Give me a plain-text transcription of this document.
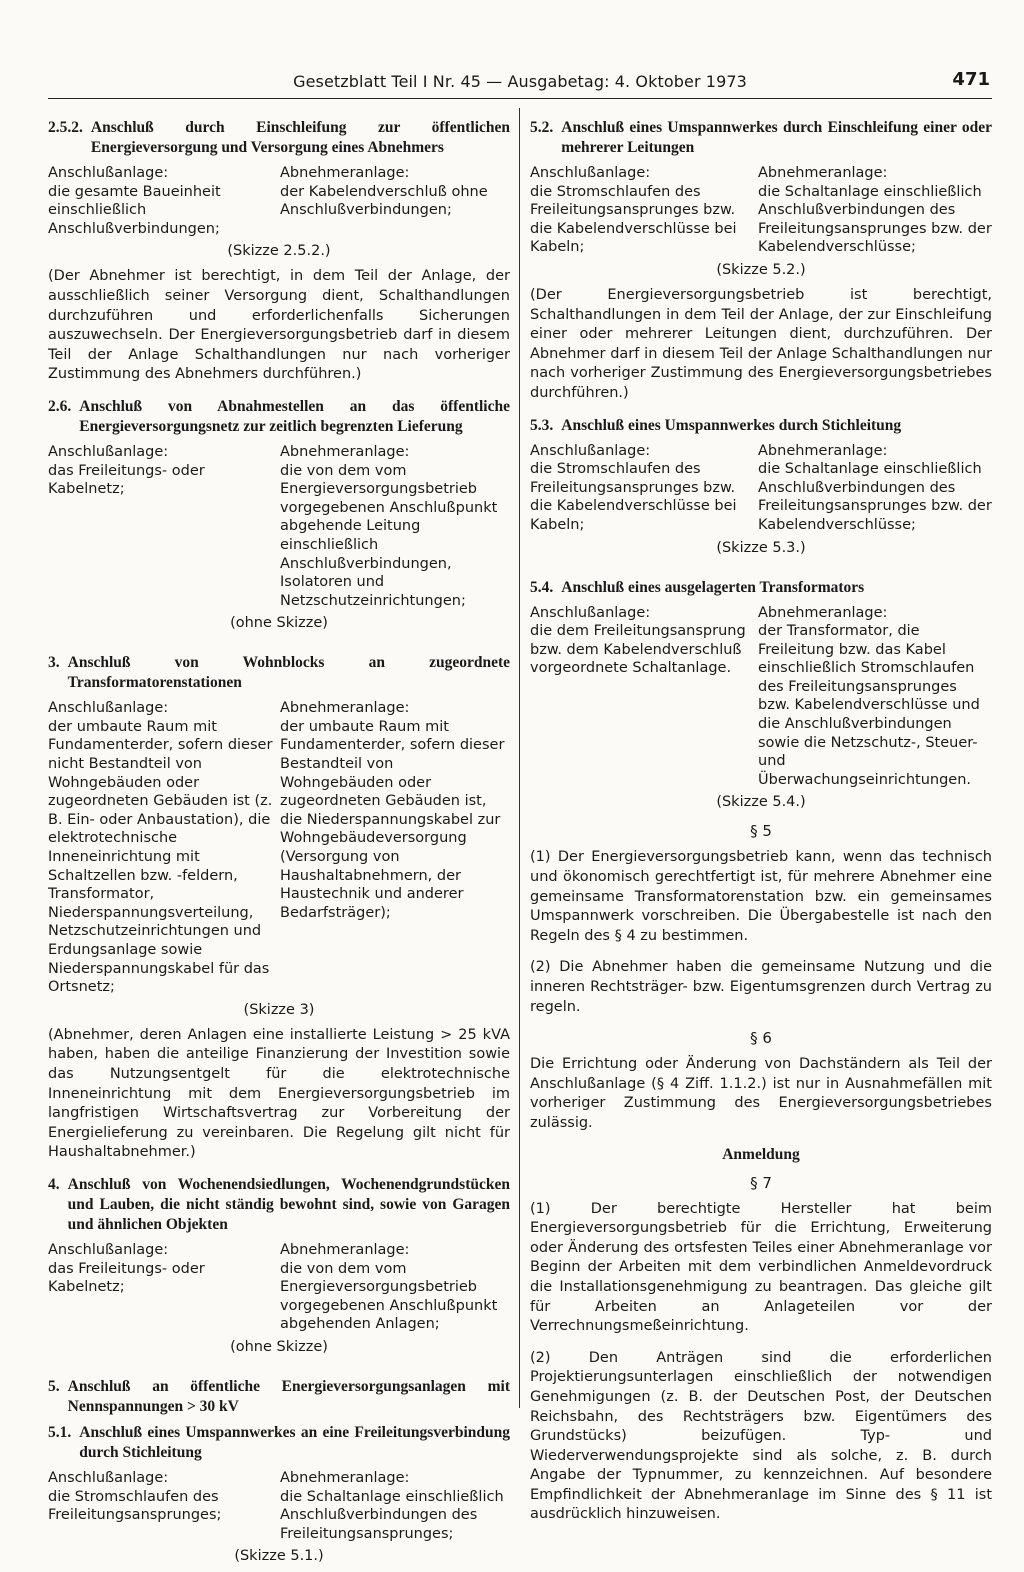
Gesetzblatt Teil I Nr. 45 — Ausgabetag: 4. Oktober 1973	471
2.5.2. Anschluß durch Einschleifung zur öffentlichen Energieversorgung und Versorgung eines Abnehmers
Anschlußanlage:
die gesamte Baueinheit einschließlich Anschlußverbindungen;
Abnehmeranlage:
der Kabelendverschluß ohne Anschlußverbindungen;
(Skizze 2.5.2.)
(Der Abnehmer ist berechtigt, in dem Teil der Anlage, der ausschließlich seiner Versorgung dient, Schalthandlungen durchzuführen und erforderlichenfalls Sicherungen auszuwechseln. Der Energieversorgungsbetrieb darf in diesem Teil der Anlage Schalthandlungen nur nach vorheriger Zustimmung des Abnehmers durchführen.)
2.6. Anschluß von Abnahmestellen an das öffentliche Energieversorgungsnetz zur zeitlich begrenzten Lieferung
Anschlußanlage:
das Freileitungs- oder Kabelnetz;
Abnehmeranlage:
die von dem vom Energieversorgungsbetrieb vorgegebenen Anschlußpunkt abgehende Leitung einschließlich Anschlußverbindungen, Isolatoren und Netzschutzeinrichtungen;
(ohne Skizze)
3. Anschluß von Wohnblocks an zugeordnete Transformatorenstationen
Anschlußanlage:
der umbaute Raum mit Fundamenterder, sofern dieser nicht Bestandteil von Wohngebäuden oder zugeordneten Gebäuden ist (z. B. Ein- oder Anbaustation), die elektrotechnische Inneneinrichtung mit Schaltzellen bzw. -feldern, Transformator, Niederspannungsverteilung, Netzschutzeinrichtungen und Erdungsanlage sowie Niederspannungskabel für das Ortsnetz;
Abnehmeranlage:
der umbaute Raum mit Fundamenterder, sofern dieser Bestandteil von Wohngebäuden oder zugeordneten Gebäuden ist, die Niederspannungskabel zur Wohngebäudeversorgung (Versorgung von Haushaltabnehmern, der Haustechnik und anderer Bedarfsträger);
(Skizze 3)
(Abnehmer, deren Anlagen eine installierte Leistung > 25 kVA haben, haben die anteilige Finanzierung der Investition sowie das Nutzungsentgelt für die elektrotechnische Inneneinrichtung mit dem Energieversorgungsbetrieb im langfristigen Wirtschaftsvertrag zur Vorbereitung der Energielieferung zu vereinbaren. Die Regelung gilt nicht für Haushaltabnehmer.)
4. Anschluß von Wochenendsiedlungen, Wochenendgrundstücken und Lauben, die nicht ständig bewohnt sind, sowie von Garagen und ähnlichen Objekten
Anschlußanlage:
das Freileitungs- oder Kabelnetz;
Abnehmeranlage:
die von dem vom Energieversorgungsbetrieb vorgegebenen Anschlußpunkt abgehenden Anlagen;
(ohne Skizze)
5. Anschluß an öffentliche Energieversorgungsanlagen mit Nennspannungen > 30 kV
5.1. Anschluß eines Umspannwerkes an eine Freileitungsverbindung durch Stichleitung
Anschlußanlage:
die Stromschlaufen des Freileitungsansprunges;
Abnehmeranlage:
die Schaltanlage einschließlich Anschlußverbindungen des Freileitungsansprunges;
(Skizze 5.1.)
5.2. Anschluß eines Umspannwerkes durch Einschleifung einer oder mehrerer Leitungen
Anschlußanlage:
die Stromschlaufen des Freileitungsansprunges bzw. die Kabelendverschlüsse bei Kabeln;
Abnehmeranlage:
die Schaltanlage einschließlich Anschlußverbindungen des Freileitungsansprunges bzw. der Kabelendverschlüsse;
(Skizze 5.2.)
(Der Energieversorgungsbetrieb ist berechtigt, Schalthandlungen in dem Teil der Anlage, der zur Einschleifung einer oder mehrerer Leitungen dient, durchzuführen. Der Abnehmer darf in diesem Teil der Anlage Schalthandlungen nur nach vorheriger Zustimmung des Energieversorgungsbetriebes durchführen.)
5.3. Anschluß eines Umspannwerkes durch Stichleitung
Anschlußanlage:
die Stromschlaufen des Freileitungsansprunges bzw. die Kabelendverschlüsse bei Kabeln;
Abnehmeranlage:
die Schaltanlage einschließlich Anschlußverbindungen des Freileitungsansprunges bzw. der Kabelendverschlüsse;
(Skizze 5.3.)
5.4. Anschluß eines ausgelagerten Transformators
Anschlußanlage:
die dem Freileitungsansprung bzw. dem Kabelendverschluß vorgeordnete Schaltanlage.
Abnehmeranlage:
der Transformator, die Freileitung bzw. das Kabel einschließlich Stromschlaufen des Freileitungsansprunges bzw. Kabelendverschlüsse und die Anschlußverbindungen sowie die Netzschutz-, Steuer- und Überwachungseinrichtungen.
(Skizze 5.4.)
§ 5
(1) Der Energieversorgungsbetrieb kann, wenn das technisch und ökonomisch gerechtfertigt ist, für mehrere Abnehmer eine gemeinsame Transformatorenstation bzw. ein gemeinsames Umspannwerk vorschreiben. Die Übergabestelle ist nach den Regeln des § 4 zu bestimmen.
(2) Die Abnehmer haben die gemeinsame Nutzung und die inneren Rechtsträger- bzw. Eigentumsgrenzen durch Vertrag zu regeln.
§ 6
Die Errichtung oder Änderung von Dachständern als Teil der Anschlußanlage (§ 4 Ziff. 1.1.2.) ist nur in Ausnahmefällen mit vorheriger Zustimmung des Energieversorgungsbetriebes zulässig.
Anmeldung
§ 7
(1) Der berechtigte Hersteller hat beim Energieversorgungsbetrieb für die Errichtung, Erweiterung oder Änderung des ortsfesten Teiles einer Abnehmeranlage vor Beginn der Arbeiten mit dem verbindlichen Anmeldevordruck die Installationsgenehmigung zu beantragen. Das gleiche gilt für Arbeiten an Anlageteilen vor der Verrechnungsmeßeinrichtung.
(2) Den Anträgen sind die erforderlichen Projektierungsunterlagen einschließlich der notwendigen Genehmigungen (z. B. der Deutschen Post, der Deutschen Reichsbahn, des Rechtsträgers bzw. Eigentümers des Grundstücks) beizufügen. Typ- und Wiederverwendungsprojekte sind als solche, z. B. durch Angabe der Typnummer, zu kennzeichnen. Auf besondere Empfindlichkeit der Abnehmeranlage im Sinne des § 11 ist ausdrücklich hinzuweisen.
